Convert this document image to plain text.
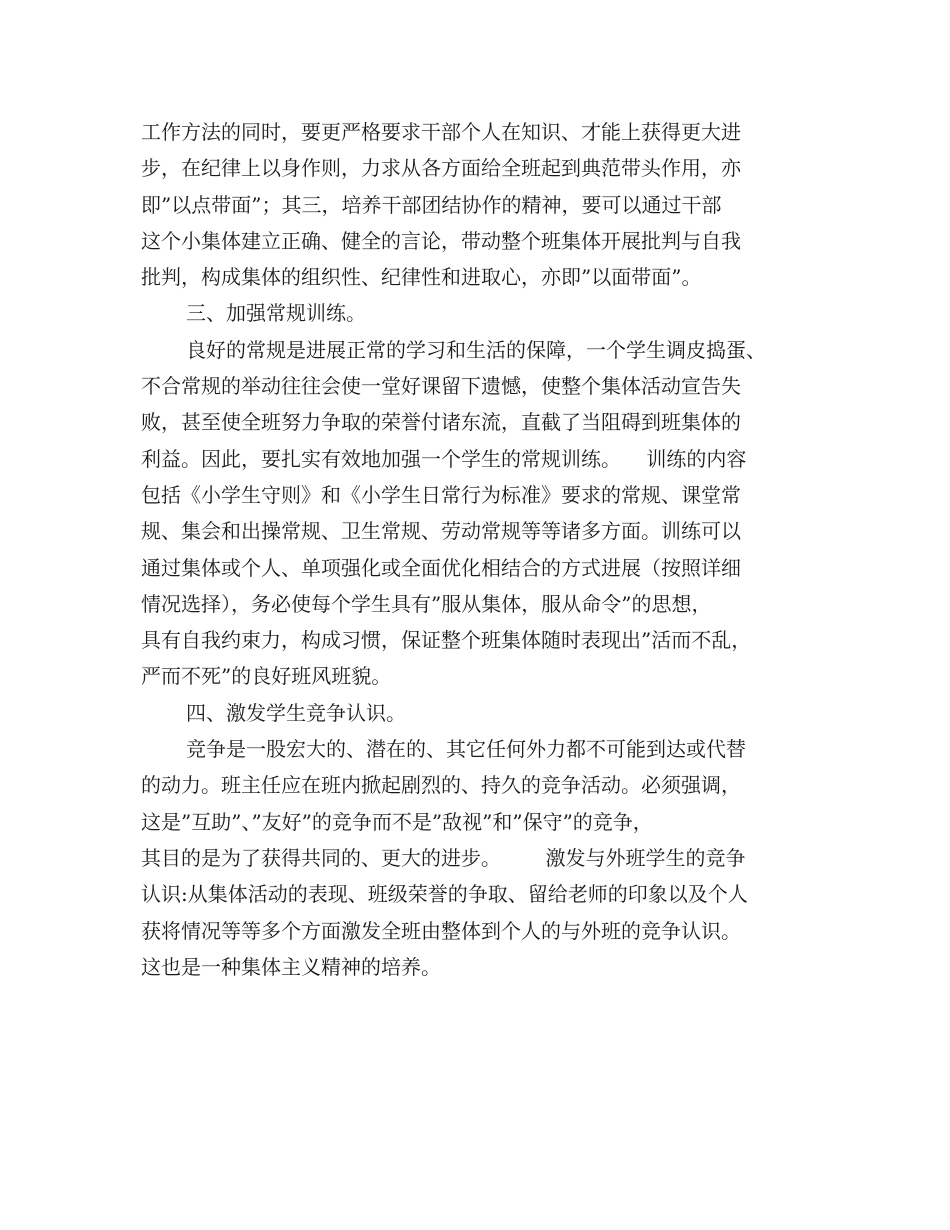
工作方法的同时，要更严格要求干部个人在知识、才能上获得更大进
步，在纪律上以身作则，力求从各方面给全班起到典范带头作用，亦
即”以点带面”；其三，培养干部团结协作的精神，要可以通过干部
这个小集体建立正确、健全的言论，带动整个班集体开展批判与自我
批判，构成集体的组织性、纪律性和进取心，亦即”以面带面”。
三、加强常规训练。
良好的常规是进展正常的学习和生活的保障，一个学生调皮捣蛋、
不合常规的举动往往会使一堂好课留下遗憾，使整个集体活动宣告失
败，甚至使全班努力争取的荣誉付诸东流，直截了当阻碍到班集体的
利益。因此，要扎实有效地加强一个学生的常规训练。    训练的内容
包括《小学生守则》和《小学生日常行为标准》要求的常规、课堂常
规、集会和出操常规、卫生常规、劳动常规等等诸多方面。训练可以
通过集体或个人、单项强化或全面优化相结合的方式进展（按照详细
情况选择），务必使每个学生具有”服从集体，服从命令”的思想，
具有自我约束力，构成习惯，保证整个班集体随时表现出”活而不乱，
严而不死”的良好班风班貌。
四、激发学生竞争认识。
竞争是一股宏大的、潜在的、其它任何外力都不可能到达或代替
的动力。班主任应在班内掀起剧烈的、持久的竞争活动。必须强调，
这是”互助”、”友好”的竞争而不是”敌视”和”保守”的竞争，
其目的是为了获得共同的、更大的进步。       激发与外班学生的竞争
认识:从集体活动的表现、班级荣誉的争取、留给老师的印象以及个人
获将情况等等多个方面激发全班由整体到个人的与外班的竞争认识。
这也是一种集体主义精神的培养。
